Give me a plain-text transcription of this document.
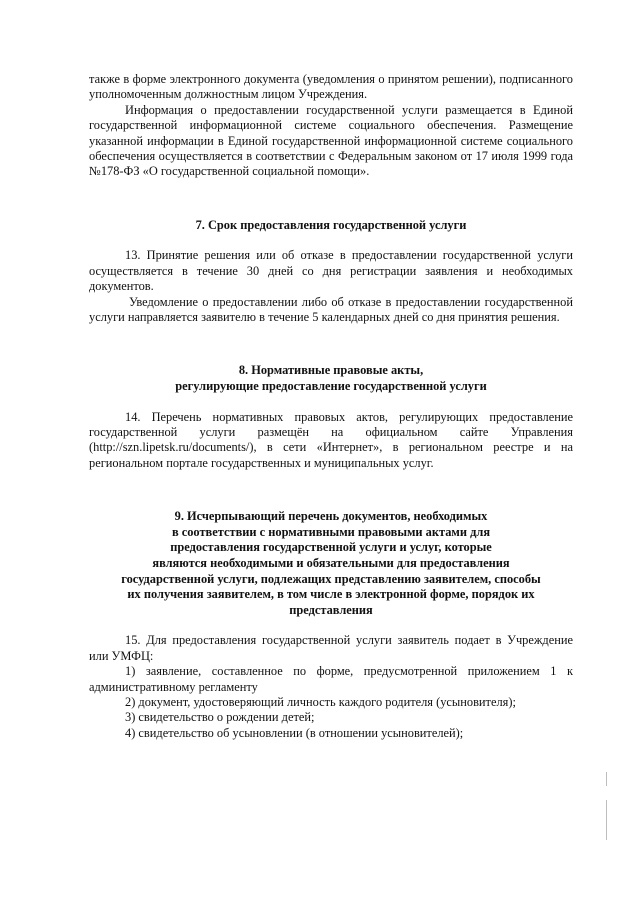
также в форме электронного документа (уведомления о принятом решении), подписанного уполномоченным должностным лицом Учреждения.

Информация о предоставлении государственной услуги размещается в Единой государственной информационной системе социального обеспечения. Размещение указанной информации в Единой государственной информационной системе социального обеспечения осуществляется в соответствии с Федеральным законом от 17 июля 1999 года №178-ФЗ «О государственной социальной помощи».

7. Срок предоставления государственной услуги

13. Принятие решения или об отказе в предоставлении государственной услуги осуществляется в течение 30 дней со дня регистрации заявления и необходимых документов.

Уведомление о предоставлении либо об отказе в предоставлении государственной услуги направляется заявителю в течение 5 календарных дней со дня принятия решения.

8. Нормативные правовые акты,
регулирующие предоставление государственной услуги

14. Перечень нормативных правовых актов, регулирующих предоставление государственной услуги размещён на официальном сайте Управления (http://szn.lipetsk.ru/documents/), в сети «Интернет», в региональном реестре и на региональном портале государственных и муниципальных услуг.

9. Исчерпывающий перечень документов, необходимых
в соответствии с нормативными правовыми актами для
предоставления государственной услуги и услуг, которые
являются необходимыми и обязательными для предоставления
государственной услуги, подлежащих представлению заявителем, способы
их получения заявителем, в том числе в электронной форме, порядок их
представления

15. Для предоставления государственной услуги заявитель подает в Учреждение или УМФЦ:

1) заявление, составленное по форме, предусмотренной приложением 1 к административному регламенту

2) документ, удостоверяющий личность каждого родителя (усыновителя);

3) свидетельство о рождении детей;

4) свидетельство об усыновлении (в отношении усыновителей);
